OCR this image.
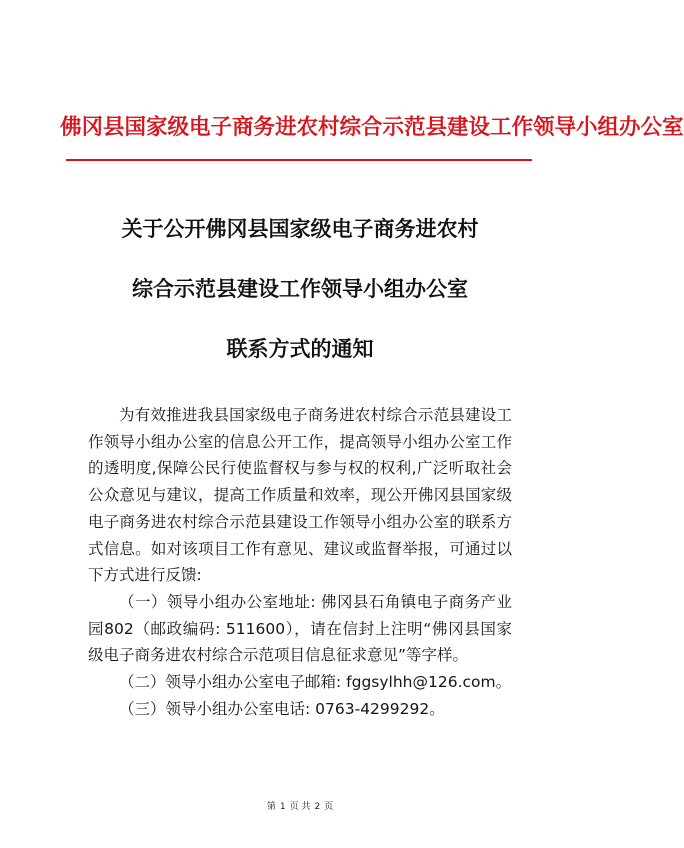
佛冈县国家级电子商务进农村综合示范县建设工作领导小组办公室
关于公开佛冈县国家级电子商务进农村
综合示范县建设工作领导小组办公室
联系方式的通知

为有效推进我县国家级电子商务进农村综合示范县建设工作领导小组办公室的信息公开工作，提高领导小组办公室工作的透明度,保障公民行使监督权与参与权的权利,广泛听取社会公众意见与建议，提高工作质量和效率，现公开佛冈县国家级电子商务进农村综合示范县建设工作领导小组办公室的联系方式信息。如对该项目工作有意见、建议或监督举报，可通过以下方式进行反馈:

（一）领导小组办公室地址: 佛冈县石角镇电子商务产业园802（邮政编码: 511600），请在信封上注明“佛冈县国家级电子商务进农村综合示范项目信息征求意见”等字样。

（二）领导小组办公室电子邮箱: fggsylhh@126.com。

（三）领导小组办公室电话: 0763-4299292。

第 1 页 共 2 页
